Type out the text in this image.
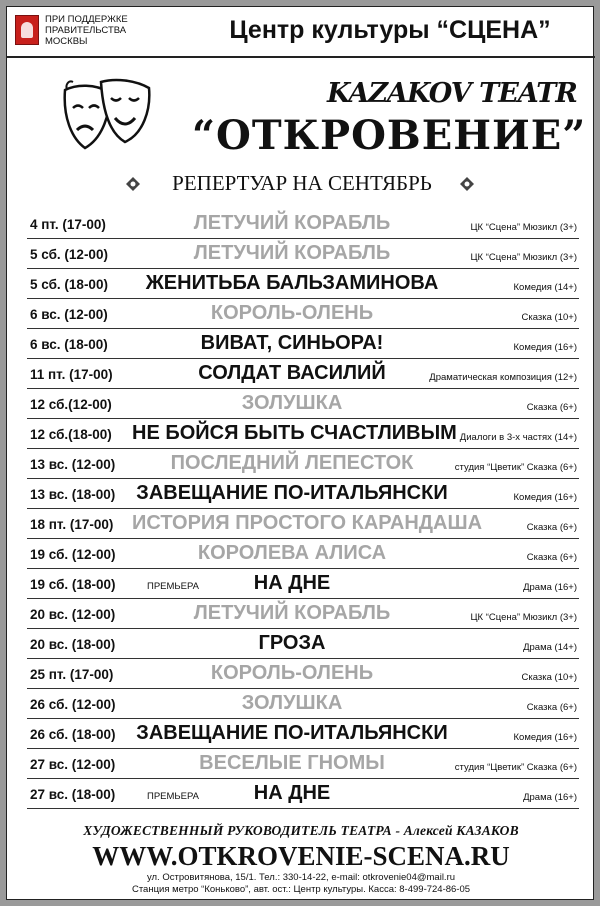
ПРИ ПОДДЕРЖКЕ
ПРАВИТЕЛЬСТВА
МОСКВЫ	Центр культуры “СЦЕНА”
KAZAKOV TEATR
“ОТКРОВЕНИЕ”
РЕПЕРТУАР НА СЕНТЯБРЬ
4 пт. (17-00)	ЛЕТУЧИЙ КОРАБЛЬ	ЦК “Сцена” Мюзикл (3+)
5 сб. (12-00)	ЛЕТУЧИЙ КОРАБЛЬ	ЦК “Сцена” Мюзикл (3+)
5 сб. (18-00)	ЖЕНИТЬБА БАЛЬЗАМИНОВА	Комедия (14+)
6 вс. (12-00)	КОРОЛЬ-ОЛЕНЬ	Сказка (10+)
6 вс. (18-00)	ВИВАТ, СИНЬОРА!	Комедия (16+)
11 пт. (17-00)	СОЛДАТ ВАСИЛИЙ	Драматическая композиция (12+)
12 сб.(12-00)	ЗОЛУШКА	Сказка (6+)
12 сб.(18-00) НЕ БОЙСЯ БЫТЬ СЧАСТЛИВЫМ Диалоги в 3-х частях (14+)
13 вс. (12-00)	ПОСЛЕДНИЙ ЛЕПЕСТОК	студия “Цветик” Сказка (6+)
13 вс. (18-00) ЗАВЕЩАНИЕ ПО-ИТАЛЬЯНСКИ	Комедия (16+)
18 пт. (17-00) ИСТОРИЯ ПРОСТОГО КАРАНДАША	Сказка (6+)
19 сб. (12-00)	КОРОЛЕВА АЛИСА	Сказка (6+)
19 сб. (18-00)	ПРЕМЬЕРА	НА ДНЕ	Драма (16+)
20 вс. (12-00)	ЛЕТУЧИЙ КОРАБЛЬ	ЦК “Сцена” Мюзикл (3+)
20 вс. (18-00)	ГРОЗА	Драма (14+)
25 пт. (17-00)	КОРОЛЬ-ОЛЕНЬ	Сказка (10+)
26 сб. (12-00)	ЗОЛУШКА	Сказка (6+)
26 сб. (18-00) ЗАВЕЩАНИЕ ПО-ИТАЛЬЯНСКИ	Комедия (16+)
27 вс. (12-00)	ВЕСЕЛЫЕ ГНОМЫ	студия “Цветик” Сказка (6+)
27 вс. (18-00)	ПРЕМЬЕРА	НА ДНЕ	Драма (16+)
ХУДОЖЕСТВЕННЫЙ РУКОВОДИТЕЛЬ ТЕАТРА - Алексей КАЗАКОВ
WWW.OTKROVENIE-SCENA.RU
ул. Островитянова, 15/1. Тел.: 330-14-22, e-mail: otkrovenie04@mail.ru
Станция метро “Коньково”, авт. ост.: Центр культуры. Касса: 8-499-724-86-05
